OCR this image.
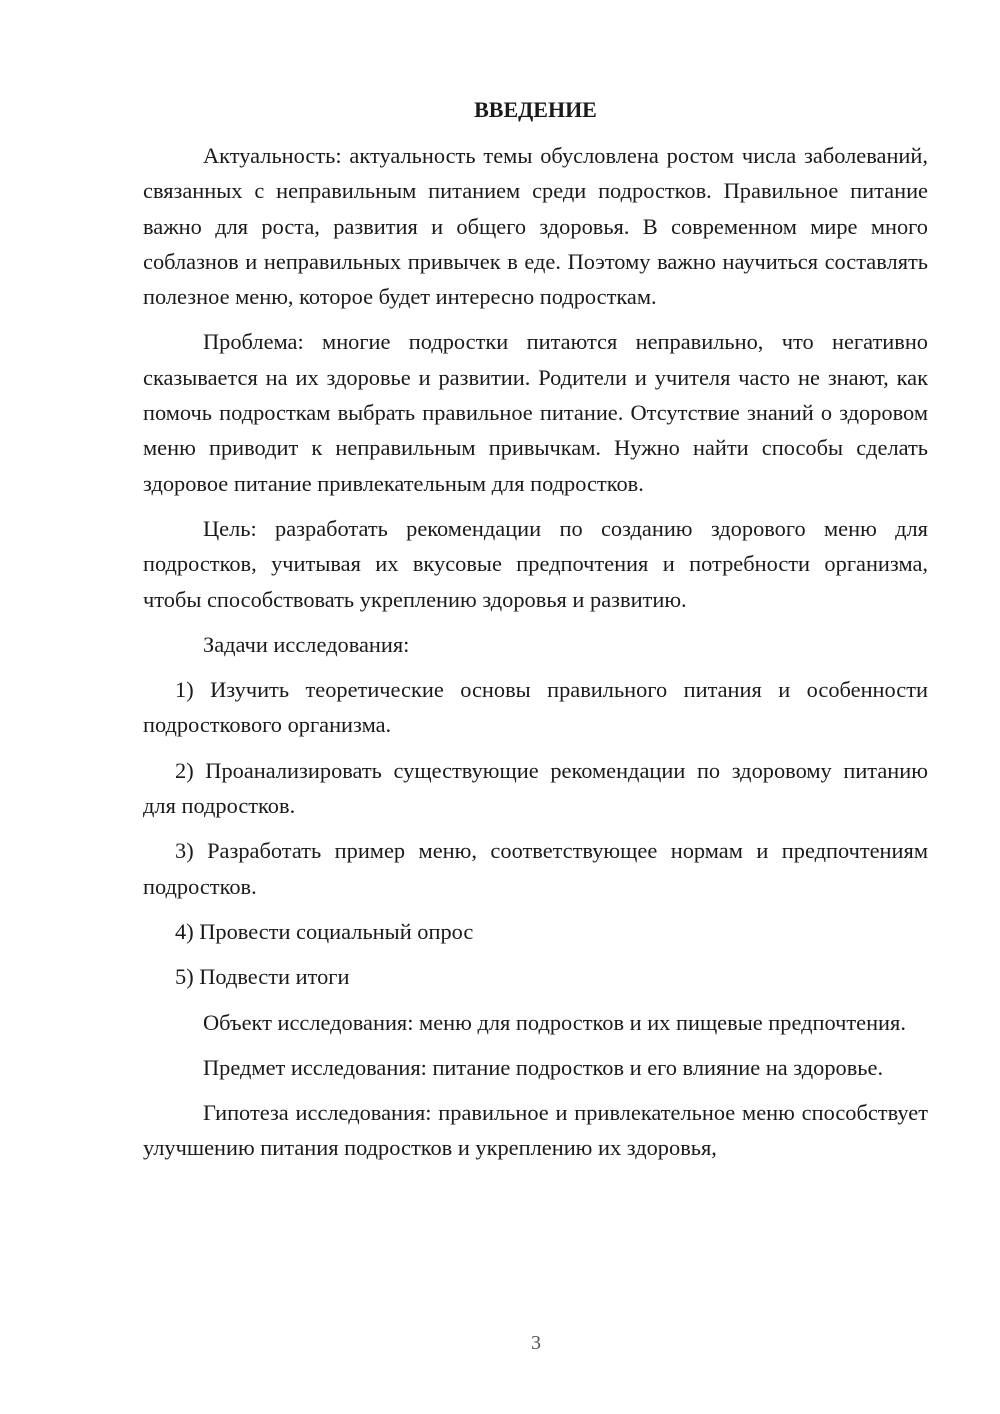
ВВЕДЕНИЕ

Актуальность: актуальность темы обусловлена ростом числа заболеваний, связанных с неправильным питанием среди подростков. Правильное питание важно для роста, развития и общего здоровья. В современном мире много соблазнов и неправильных привычек в еде. Поэтому важно научиться составлять полезное меню, которое будет интересно подросткам.

Проблема: многие подростки питаются неправильно, что негативно сказывается на их здоровье и развитии. Родители и учителя часто не знают, как помочь подросткам выбрать правильное питание. Отсутствие знаний о здоровом меню приводит к неправильным привычкам. Нужно найти способы сделать здоровое питание привлекательным для подростков.

Цель: разработать рекомендации по созданию здорового меню для подростков, учитывая их вкусовые предпочтения и потребности организма, чтобы способствовать укреплению здоровья и развитию.

Задачи исследования:

1) Изучить теоретические основы правильного питания и особенности подросткового организма.

2) Проанализировать существующие рекомендации по здоровому питанию для подростков.

3) Разработать пример меню, соответствующее нормам и предпочтениям подростков.

4) Провести социальный опрос

5) Подвести итоги

Объект исследования: меню для подростков и их пищевые предпочтения.

Предмет исследования: питание подростков и его влияние на здоровье.

Гипотеза исследования: правильное и привлекательное меню способствует улучшению питания подростков и укреплению их здоровья,

3
